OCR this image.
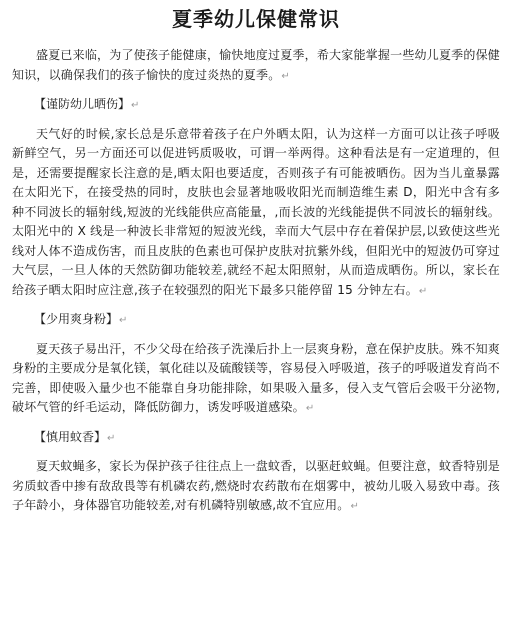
夏季幼儿保健常识

盛夏已来临，为了使孩子能健康，愉快地度过夏季，希大家能掌握一些幼儿夏季的保健知识，以确保我们的孩子愉快的度过炎热的夏季。↵

【谨防幼儿晒伤】↵

天气好的时候,家长总是乐意带着孩子在户外晒太阳，认为这样一方面可以让孩子呼吸新鲜空气，另一方面还可以促进钙质吸收，可谓一举两得。这种看法是有一定道理的，但是，还需要提醒家长注意的是,晒太阳也要适度，否则孩子有可能被晒伤。因为当儿童暴露在太阳光下，在接受热的同时，皮肤也会显著地吸收阳光而制造维生素 D，阳光中含有多种不同波长的辐射线,短波的光线能供应高能量，,而长波的光线能提供不同波长的辐射线。太阳光中的 X 线是一种波长非常短的短波光线，幸而大气层中存在着保护层,以致使这些光线对人体不造成伤害，而且皮肤的色素也可保护皮肤对抗紫外线，但阳光中的短波仍可穿过大气层，一旦人体的天然防御功能较差,就经不起太阳照射，从而造成晒伤。所以，家长在给孩子晒太阳时应注意,孩子在较强烈的阳光下最多只能停留 15 分钟左右。↵

【少用爽身粉】↵

夏天孩子易出汗，不少父母在给孩子洗澡后扑上一层爽身粉，意在保护皮肤。殊不知爽身粉的主要成分是氧化镁，氧化硅以及硫酸镁等，容易侵入呼吸道，孩子的呼吸道发育尚不完善，即使吸入量少也不能靠自身功能排除，如果吸入量多，侵入支气管后会吸干分泌物,破坏气管的纤毛运动，降低防御力，诱发呼吸道感染。↵

【慎用蚊香】↵

夏天蚊蝇多，家长为保护孩子往往点上一盘蚊香，以驱赶蚊蝇。但要注意，蚊香特别是劣质蚊香中掺有敌敌畏等有机磷农药,燃烧时农药散布在烟雾中，被幼儿吸入易致中毒。孩子年龄小，身体器官功能较差,对有机磷特别敏感,故不宜应用。↵
